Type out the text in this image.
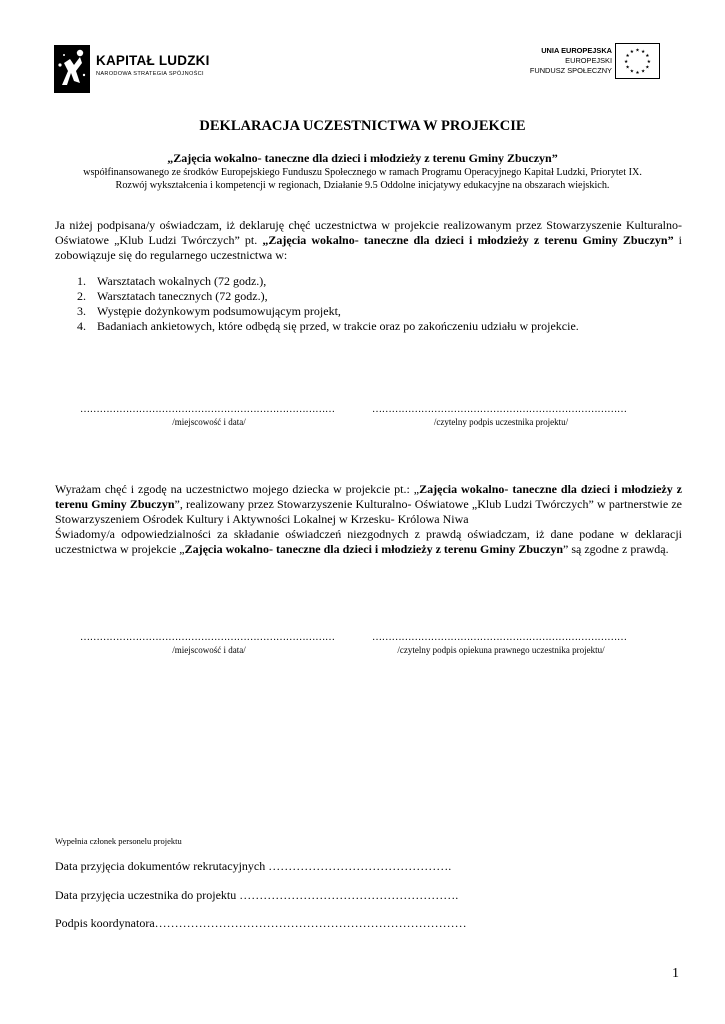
KAPITAŁ LUDZKI
NARODOWA STRATEGIA SPÓJNOŚCI
UNIA EUROPEJSKA
EUROPEJSKI
FUNDUSZ SPOŁECZNY
★ ★
★
★
★
★
★
★
★
★
★
★
DEKLARACJA UCZESTNICTWA W PROJEKCIE
„Zajęcia wokalno- taneczne dla dzieci i młodzieży z terenu Gminy Zbuczyn”
współfinansowanego ze środków Europejskiego Funduszu Społecznego w ramach Programu Operacyjnego Kapitał Ludzki, Priorytet IX.
Rozwój wykształcenia i kompetencji w regionach, Działanie 9.5 Oddolne inicjatywy edukacyjne na obszarach wiejskich.
Ja niżej podpisana/y oświadczam, iż deklaruję chęć uczestnictwa w projekcie realizowanym przez Stowarzyszenie Kulturalno- Oświatowe „Klub Ludzi Twórczych” pt. „Zajęcia wokalno- taneczne dla dzieci i młodzieży z terenu Gminy Zbuczyn” i zobowiązuje się do regularnego uczestnictwa w:
1. Warsztatach wokalnych (72 godz.),
2. Warsztatach tanecznych (72 godz.),
3. Występie dożynkowym podsumowującym projekt,
4. Badaniach ankietowych, które odbędą się przed, w trakcie oraz po zakończeniu udziału w projekcie.
……………………………………………………………………	……………………………………………………………………
/miejscowość i data/	/czytelny podpis uczestnika projektu/
Wyrażam chęć i zgodę na uczestnictwo mojego dziecka w projekcie pt.: „Zajęcia wokalno- taneczne dla dzieci i młodzieży z terenu Gminy Zbuczyn”, realizowany przez Stowarzyszenie Kulturalno- Oświatowe „Klub Ludzi Twórczych” w partnerstwie ze Stowarzyszeniem Ośrodek Kultury i Aktywności Lokalnej w Krzesku- Królowa Niwa
Świadomy/a odpowiedzialności za składanie oświadczeń niezgodnych z prawdą oświadczam, iż dane podane w deklaracji uczestnictwa w projekcie „Zajęcia wokalno- taneczne dla dzieci i młodzieży z terenu Gminy Zbuczyn” są zgodne z prawdą.
……………………………………………………………………	……………………………………………………………………
/miejscowość i data/	/czytelny podpis opiekuna prawnego uczestnika projektu/
Wypełnia członek personelu projektu
Data przyjęcia dokumentów rekrutacyjnych ……………………………………….
Data przyjęcia uczestnika do projektu ……………………………………………….
Podpis koordynatora……………………………………………………………………
1
